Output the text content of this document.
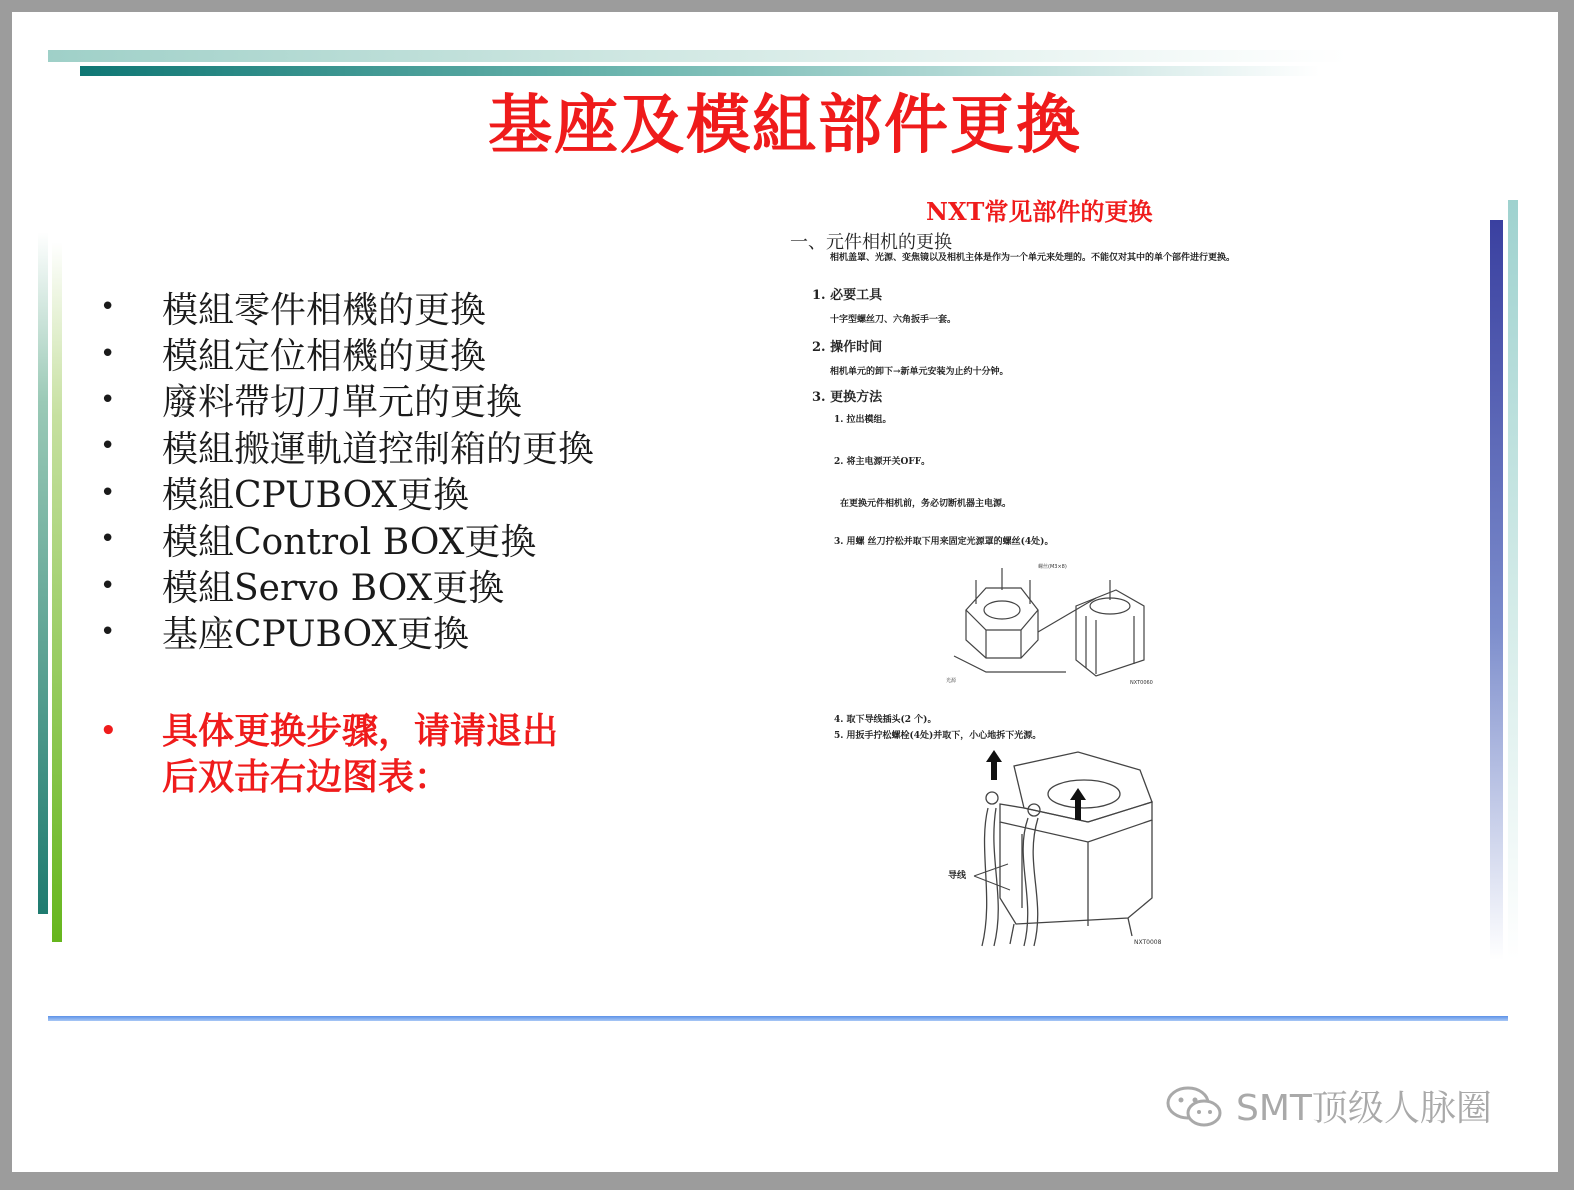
基座及模組部件更換
•	模組零件相機的更換
•	模組定位相機的更換
•	廢料帶切刀單元的更換
•	模組搬運軌道控制箱的更換
•	模組CPUBOX更換
•	模組Control BOX更換
•	模組Servo BOX更換
•	基座CPUBOX更換
•	具体更换步骤，请请退出后双击右边图表：
NXT常见部件的更换
一、元件相机的更换
相机盖罩、光源、变焦镜以及相机主体是作为一个单元来处理的。不能仅对其中的单个部件进行更换。
1. 必要工具
十字型螺丝刀、六角扳手一套。
2. 操作时间
相机单元的卸下→新单元安装为止约十分钟。
3. 更换方法
1. 拉出模组。
2. 将主电源开关OFF。
在更换元件相机前，务必切断机器主电源。
3. 用螺 丝刀拧松并取下用来固定光源罩的螺丝(4处)。
螺丝(M3×8)
光源	NXT0060
4. 取下导线插头(2 个)。
5. 用扳手拧松螺栓(4处)并取下，小心地拆下光源。
导线
NXT0008
SMT顶级人脉圈
